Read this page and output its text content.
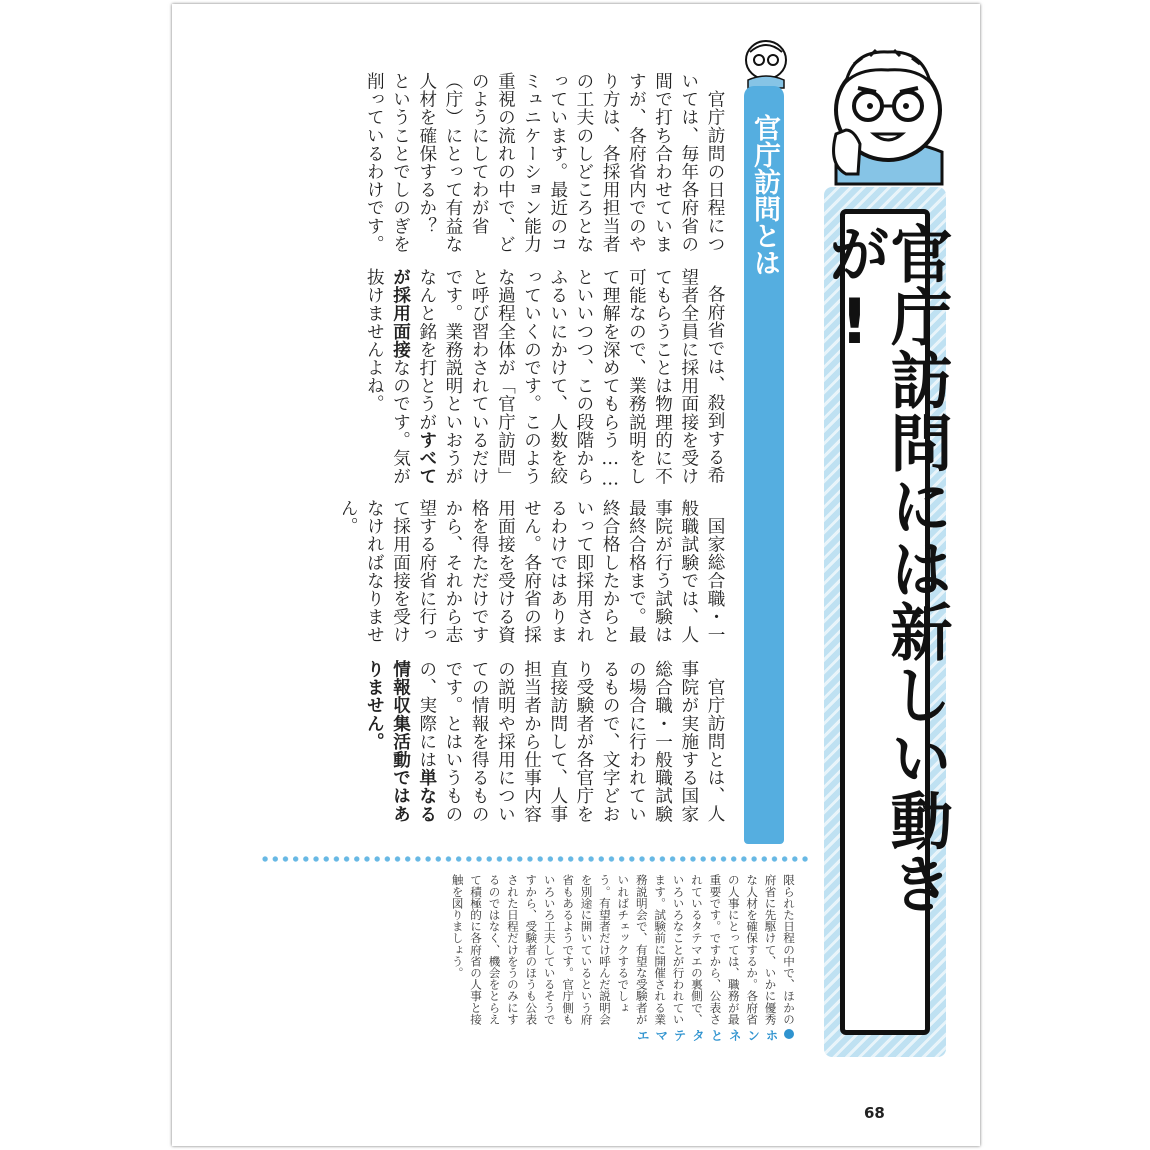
官庁訪問には新しい動きが!
官庁訪問とは

官庁訪問とは、人事院が実施する国家総合職・一般職試験の場合に行われているもので、文字どおり受験者が各官庁を直接訪問して、人事担当者から仕事内容の説明や採用についての情報を得るものです。とはいうものの、実際には単なる情報収集活動ではありません。

国家総合職・一般職試験では、人事院が行う試験は最終合格まで。最終合格したからといって即採用されるわけではありません。各府省の採用面接を受ける資格を得ただけですから、それから志望する府省に行って採用面接を受けなければなりません。

各府省では、殺到する希望者全員に採用面接を受けてもらうことは物理的に不可能なので、業務説明をして理解を深めてもらう……といいつつ、この段階からふるいにかけて、人数を絞っていくのです。このような過程全体が「官庁訪問」と呼び習わされているだけです。業務説明といおうがなんと銘を打とうがすべてが採用面接なのです。気が抜けませんよね。

官庁訪問の日程については、毎年各府省の間で打ち合わせていますが、各府省内でのやり方は、各採用担当者の工夫のしどころとなっています。最近のコミュニケーション能力重視の流れの中で、どのようにしてわが省（庁）にとって有益な人材を確保するか？　ということでしのぎを削っているわけです。

ホンネとタテマエ
限られた日程の中で、ほかの府省に先駆けて、いかに優秀な人材を確保するか。各府省の人事にとっては、職務が最重要です。ですから、公表されているタテマエの裏側で、いろいろなことが行われています。試験前に開催される業務説明会で、有望な受験者がいればチェックするでしょう。有望者だけ呼んだ説明会を別途に開いているという府省もあるようです。官庁側もいろいろ工夫しているそうですから、受験者のほうも公表された日程だけをうのみにするのではなく、機会をとらえて積極的に各府省の人事と接触を図りましょう。
68
